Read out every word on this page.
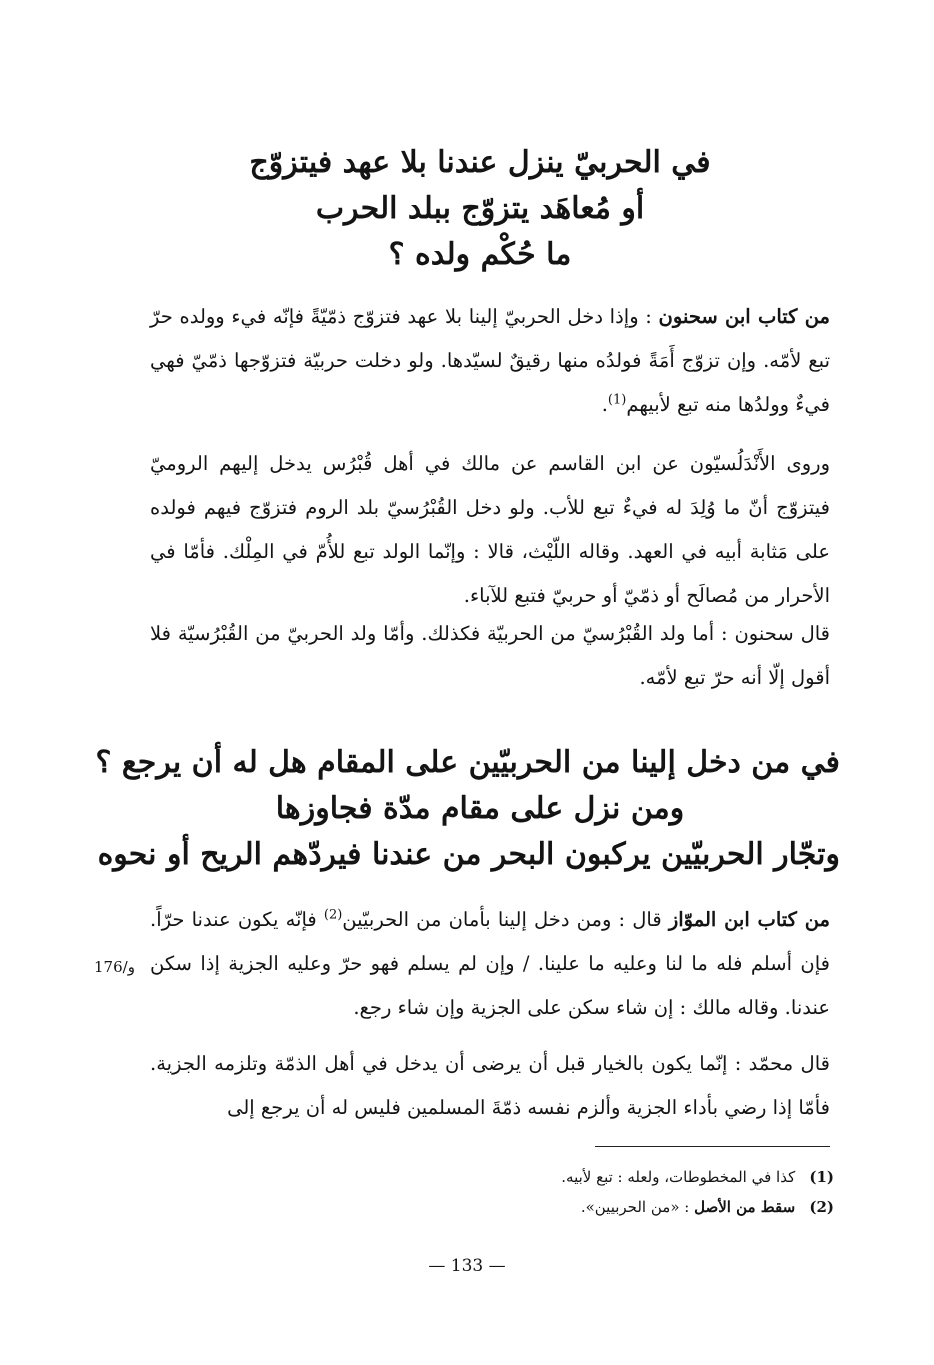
في الحربيّ ينزل عندنا بلا عهد فيتزوّج
أو مُعاهَد يتزوّج ببلد الحرب
ما حُكْم ولده ؟

من كتاب ابن سحنون : وإذا دخل الحربيّ إلينا بلا عهد فتزوّج ذمّيّةً فإنّه فيء وولده حرّ تبع لأمّه. وإن تزوّج أَمَةً فولدُه منها رقيقٌ لسيّدها. ولو دخلت حربيّة فتزوّجها ذمّيّ فهي فيءٌ وولدُها منه تبع لأبيهم$^{(1)}$.

وروى الأَنْدَلُسيّون عن ابن القاسم عن مالك في أهل قُبْرُس يدخل إليهم الروميّ فيتزوّج أنّ ما وُلِدَ له فيءٌ تبع للأب. ولو دخل القُبْرُسيّ بلد الروم فتزوّج فيهم فولده على مَثابة أبيه في العهد. وقاله اللّيْث، قالا : وإنّما الولد تبع للأُمّ في المِلْك. فأمّا في الأحرار من مُصالَح أو ذمّيّ أو حربيّ فتبع للآباء.

قال سحنون : أما ولد القُبْرُسيّ من الحربيّة فكذلك. وأمّا ولد الحربيّ من القُبْرُسيّة فلا أقول إلّا أنه حرّ تبع لأمّه.

في من دخل إلينا من الحربيّين على المقام هل له أن يرجع ؟
ومن نزل على مقام مدّة فجاوزها
وتجّار الحربيّين يركبون البحر من عندنا فيردّهم الريح أو نحوه

من كتاب ابن الموّاز قال : ومن دخل إلينا بأمان من الحربيّين$^{(2)}$ فإنّه يكون عندنا حرّاً. فإن أسلم فله ما لنا وعليه ما علينا. / وإن لم يسلم فهو حرّ وعليه الجزية إذا سكن عندنا. وقاله مالك : إن شاء سكن على الجزية وإن شاء رجع.

قال محمّد : إنّما يكون بالخيار قبل أن يرضى أن يدخل في أهل الذمّة وتلزمه الجزية. فأمّا إذا رضي بأداء الجزية وألزم نفسه ذمّةَ المسلمين فليس له أن يرجع إلى

176/و
(1) كذا في المخطوطات، ولعله : تبع لأبيه.
(2) سقط من الأصل : «من الحربيين».
— 133 —
